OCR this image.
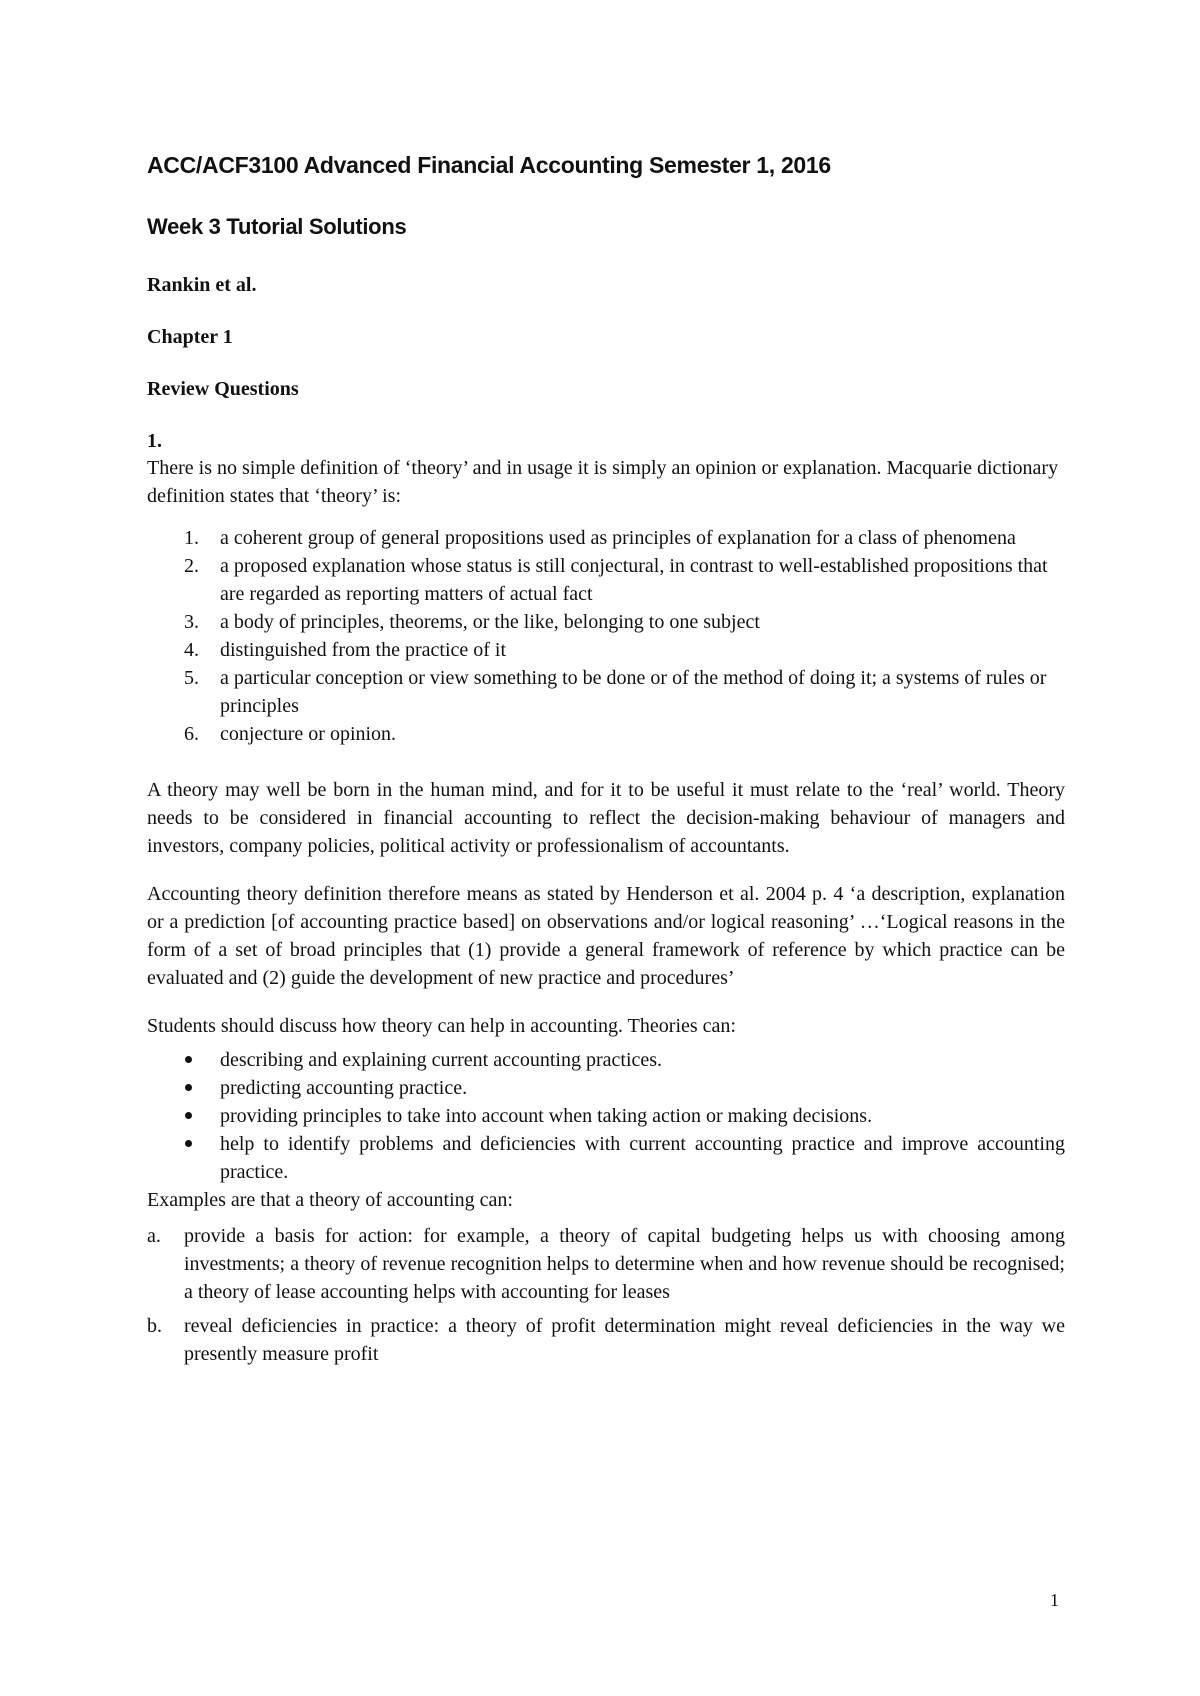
ACC/ACF3100 Advanced Financial Accounting Semester 1, 2016
Week 3 Tutorial Solutions

Rankin et al.

Chapter 1

Review Questions

1.

There is no simple definition of ‘theory’ and in usage it is simply an opinion or explanation. Macquarie dictionary definition states that ‘theory’ is:

1. a coherent group of general propositions used as principles of explanation for a class of phenomena
2. a proposed explanation whose status is still conjectural, in contrast to well-established propositions that are regarded as reporting matters of actual fact
3. a body of principles, theorems, or the like, belonging to one subject
4. distinguished from the practice of it
5. a particular conception or view something to be done or of the method of doing it; a systems of rules or principles
6. conjecture or opinion.

A theory may well be born in the human mind, and for it to be useful it must relate to the ‘real’ world. Theory needs to be considered in financial accounting to reflect the decision-making behaviour of managers and investors, company policies, political activity or professionalism of accountants.

Accounting theory definition therefore means as stated by Henderson et al. 2004 p. 4 ‘a description, explanation or a prediction [of accounting practice based] on observations and/or logical reasoning’ …‘Logical reasons in the form of a set of broad principles that (1) provide a general framework of reference by which practice can be evaluated and (2) guide the development of new practice and procedures’

Students should discuss how theory can help in accounting. Theories can:

describing and explaining current accounting practices.
predicting accounting practice.
providing principles to take into account when taking action or making decisions.
help to identify problems and deficiencies with current accounting practice and improve accounting practice.

Examples are that a theory of accounting can:

a. provide a basis for action: for example, a theory of capital budgeting helps us with choosing among investments; a theory of revenue recognition helps to determine when and how revenue should be recognised; a theory of lease accounting helps with accounting for leases
b. reveal deficiencies in practice: a theory of profit determination might reveal deficiencies in the way we presently measure profit
1
